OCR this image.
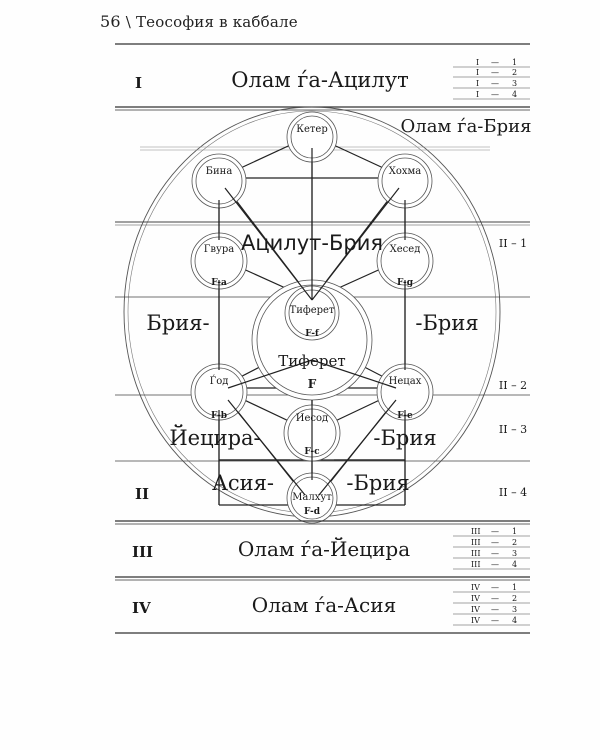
56 \ Теософия в каббале
I	Олам ѓа-Ацилут
I — 1
I — 2
I — 3
I — 4
Кетер
Бина	Хохма
Гвура
F-a
Хесед
F-g
Тиферет
F-f
Тиферет
F
Ѓод
F-b
Нецах
F-e
Иесод
F-c
Малхут
F-d
Олам ѓа-Брия
Ацилут-Брия
Брия-	-Брия
Йецира-	-Брия
Асия-	-Брия
II – 1
II – 2
II – 3
II – 4
II
III	Олам ѓа-Йецира
III — 1
III — 2
III — 3
III — 4
IV	Олам ѓа-Асия
IV — 1
IV — 2
IV — 3
IV — 4
